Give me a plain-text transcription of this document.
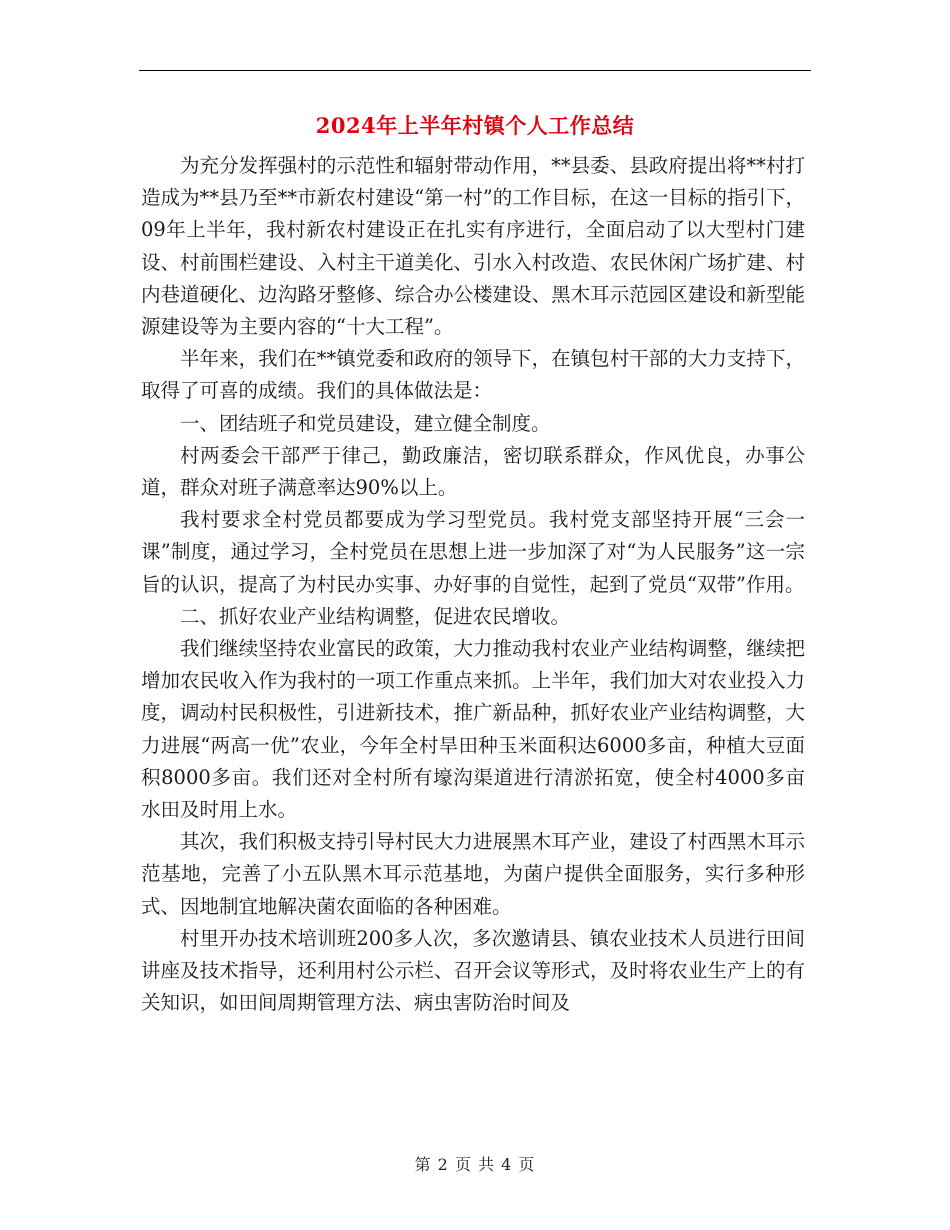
2024年上半年村镇个人工作总结

为充分发挥强村的示范性和辐射带动作用，**县委、县政府提出将**村打造成为**县乃至**市新农村建设“第一村”的工作目标，在这一目标的指引下，09年上半年，我村新农村建设正在扎实有序进行，全面启动了以大型村门建设、村前围栏建设、入村主干道美化、引水入村改造、农民休闲广场扩建、村内巷道硬化、边沟路牙整修、综合办公楼建设、黑木耳示范园区建设和新型能源建设等为主要内容的“十大工程”。

半年来，我们在**镇党委和政府的领导下，在镇包村干部的大力支持下，取得了可喜的成绩。我们的具体做法是：

一、团结班子和党员建设，建立健全制度。

村两委会干部严于律己，勤政廉洁，密切联系群众，作风优良，办事公道，群众对班子满意率达90%以上。

我村要求全村党员都要成为学习型党员。我村党支部坚持开展“三会一课”制度，通过学习，全村党员在思想上进一步加深了对“为人民服务”这一宗旨的认识，提高了为村民办实事、办好事的自觉性，起到了党员“双带”作用。

二、抓好农业产业结构调整，促进农民增收。

我们继续坚持农业富民的政策，大力推动我村农业产业结构调整，继续把增加农民收入作为我村的一项工作重点来抓。上半年，我们加大对农业投入力度，调动村民积极性，引进新技术，推广新品种，抓好农业产业结构调整，大力进展“两高一优”农业，今年全村旱田种玉米面积达6000多亩，种植大豆面积8000多亩。我们还对全村所有壕沟渠道进行清淤拓宽，使全村4000多亩水田及时用上水。

其次，我们积极支持引导村民大力进展黑木耳产业，建设了村西黑木耳示范基地，完善了小五队黑木耳示范基地，为菌户提供全面服务，实行多种形式、因地制宜地解决菌农面临的各种困难。

村里开办技术培训班200多人次，多次邀请县、镇农业技术人员进行田间讲座及技术指导，还利用村公示栏、召开会议等形式，及时将农业生产上的有关知识，如田间周期管理方法、病虫害防治时间及

第 2 页 共 4 页
